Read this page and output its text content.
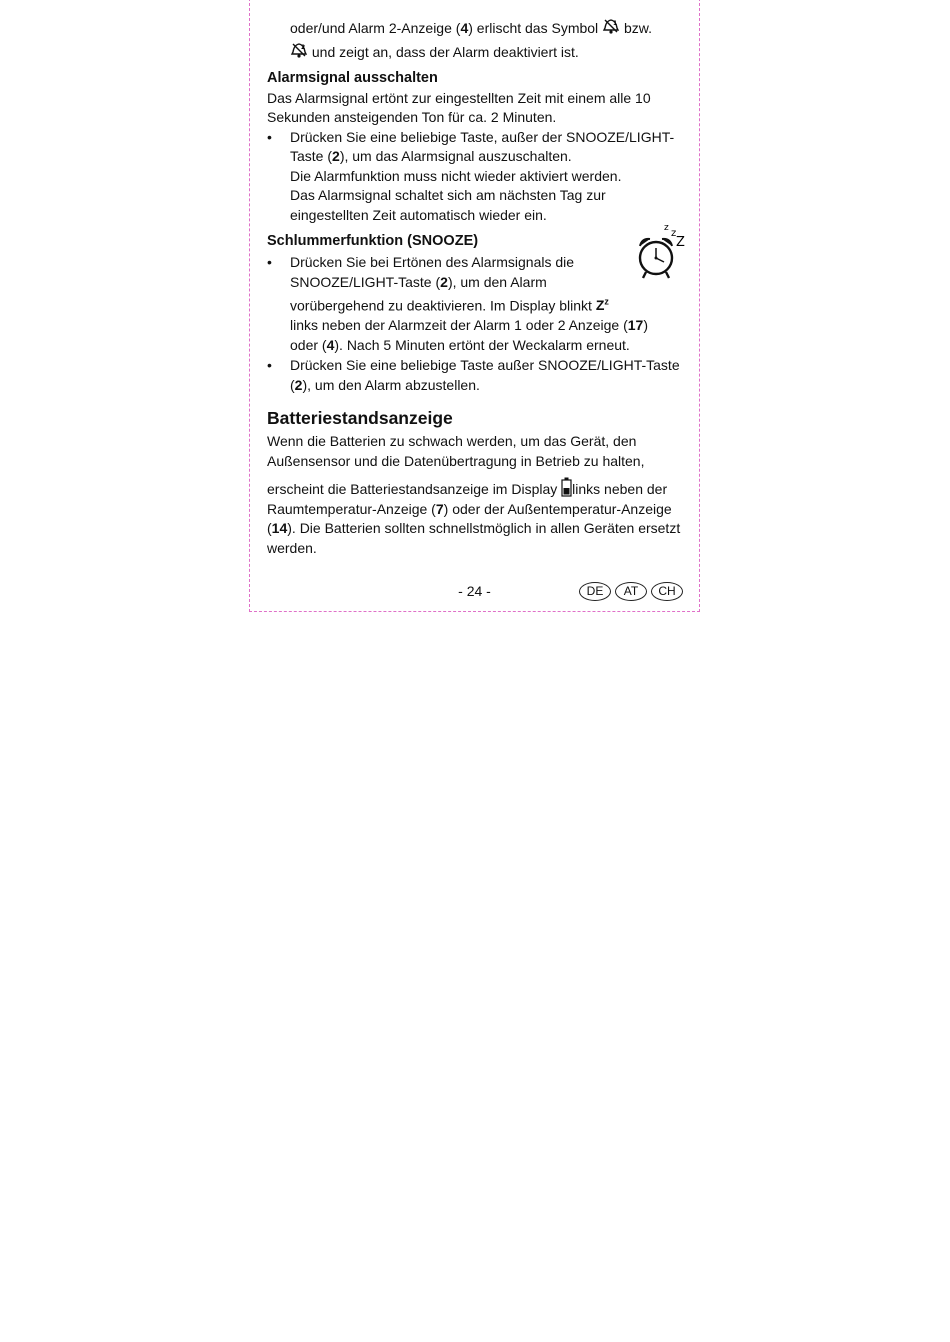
oder/und Alarm 2-Anzeige (4) erlischt das Symbol 1 bzw.

2 und zeigt an, dass der Alarm deaktiviert ist.

Alarmsignal ausschalten

Das Alarmsignal ertönt zur eingestellten Zeit mit einem alle 10 Sekunden ansteigenden Ton für ca. 2 Minuten.

• Drücken Sie eine beliebige Taste, außer der SNOOZE/LIGHT-Taste (2), um das Alarmsignal auszuschalten.

Die Alarmfunktion muss nicht wieder aktiviert werden.

Das Alarmsignal schaltet sich am nächsten Tag zur eingestellten Zeit automatisch wieder ein.

Schlummerfunktion (SNOOZE)

z z
Z

• Drücken Sie bei Ertönen des Alarmsignals die
SNOOZE/LIGHT-Taste (2), um den Alarm
vorübergehend zu deaktivieren. Im Display blinkt $Z^z$
links neben der Alarmzeit der Alarm 1 oder 2 Anzeige (17)
oder (4). Nach 5 Minuten ertönt der Weckalarm erneut.

• Drücken Sie eine beliebige Taste außer SNOOZE/LIGHT-Taste
(2), um den Alarm abzustellen.

Batteriestandsanzeige

Wenn die Batterien zu schwach werden, um das Gerät, den Außensensor und die Datenübertragung in Betrieb zu halten,

erscheint die Batteriestandsanzeige im Display links neben der Raumtemperatur-Anzeige (7) oder der Außentemperatur-Anzeige (14). Die Batterien sollten schnellstmöglich in allen Geräten ersetzt werden.

- 24 -	DE	AT	CH
